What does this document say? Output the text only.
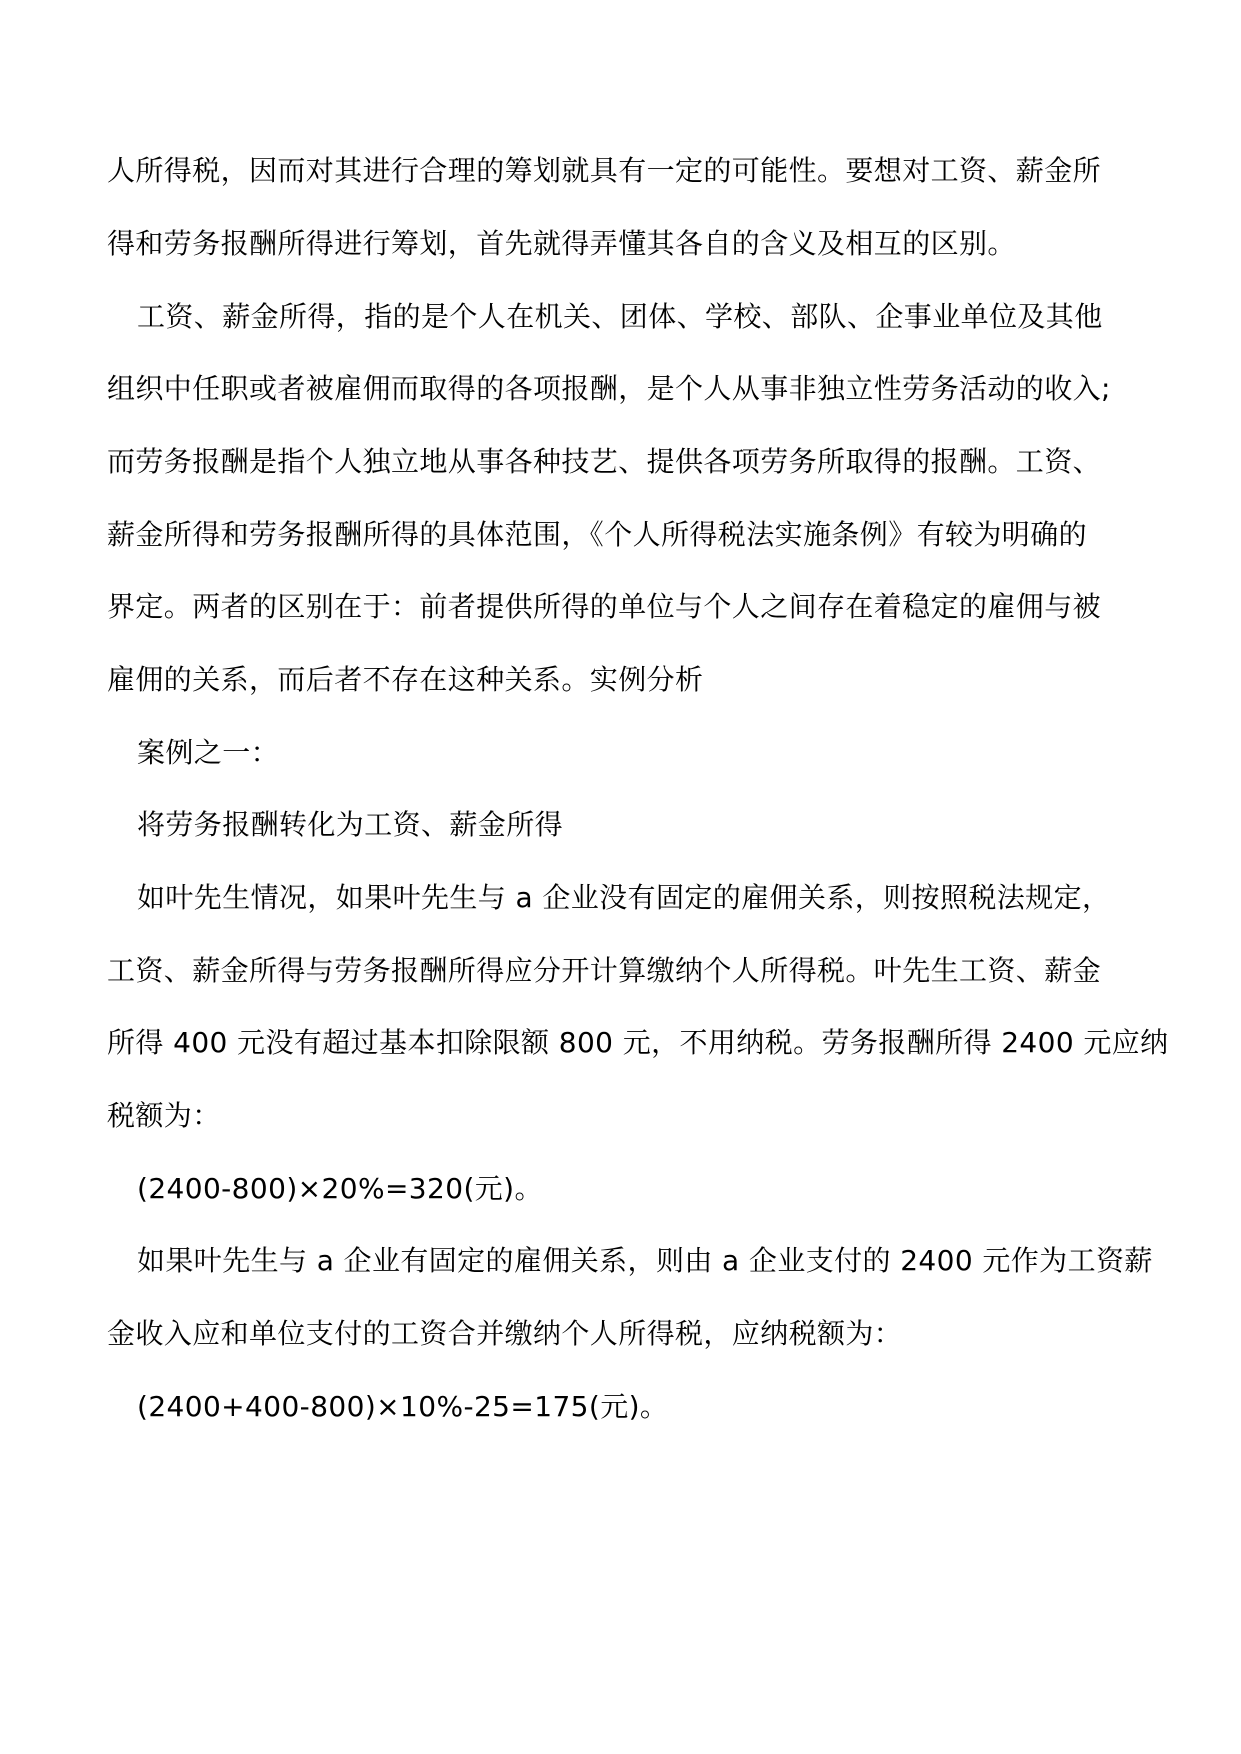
人所得税，因而对其进行合理的筹划就具有一定的可能性。要想对工资、薪金所
得和劳务报酬所得进行筹划，首先就得弄懂其各自的含义及相互的区别。
工资、薪金所得，指的是个人在机关、团体、学校、部队、企事业单位及其他
组织中任职或者被雇佣而取得的各项报酬，是个人从事非独立性劳务活动的收入;
而劳务报酬是指个人独立地从事各种技艺、提供各项劳务所取得的报酬。工资、
薪金所得和劳务报酬所得的具体范围，《个人所得税法实施条例》有较为明确的
界定。两者的区别在于：前者提供所得的单位与个人之间存在着稳定的雇佣与被
雇佣的关系，而后者不存在这种关系。实例分析
案例之一：
将劳务报酬转化为工资、薪金所得
如叶先生情况，如果叶先生与 a 企业没有固定的雇佣关系，则按照税法规定，
工资、薪金所得与劳务报酬所得应分开计算缴纳个人所得税。叶先生工资、薪金
所得 400 元没有超过基本扣除限额 800 元，不用纳税。劳务报酬所得 2400 元应纳
税额为：
(2400-800)×20%=320(元)。
如果叶先生与 a 企业有固定的雇佣关系，则由 a 企业支付的 2400 元作为工资薪
金收入应和单位支付的工资合并缴纳个人所得税，应纳税额为：
(2400+400-800)×10%-25=175(元)。
